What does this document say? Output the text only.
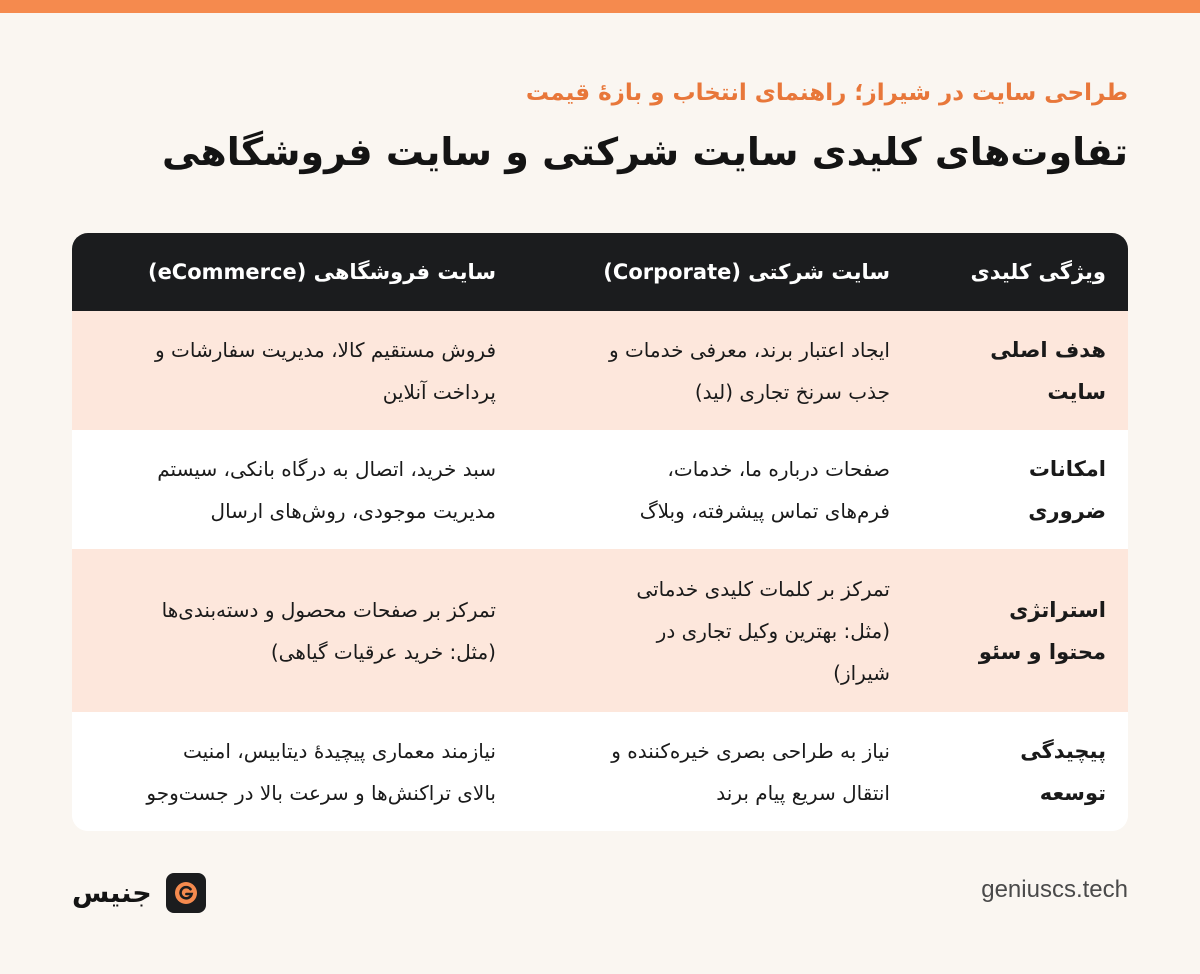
طراحی سایت در شیراز؛ راهنمای انتخاب و بازهٔ قیمت
تفاوت‌های کلیدی سایت شرکتی و سایت فروشگاهی
ویژگی کلیدی
سایت شرکتی (Corporate)
سایت فروشگاهی (eCommerce)
هدف اصلی
سایت
ایجاد اعتبار برند، معرفی خدمات و
جذب سرنخ تجاری (لید)
فروش مستقیم کالا، مدیریت سفارشات و
پرداخت آنلاین
امکانات
ضروری
صفحات درباره ما، خدمات،
فرم‌های تماس پیشرفته، وبلاگ
سبد خرید، اتصال به درگاه بانکی، سیستم
مدیریت موجودی، روش‌های ارسال
استراتژی
محتوا و سئو
تمرکز بر کلمات کلیدی خدماتی
(مثل: بهترین وکیل تجاری در
شیراز)
تمرکز بر صفحات محصول و دسته‌بندی‌ها
(مثل: خرید عرقیات گیاهی)
پیچیدگی
توسعه
نیاز به طراحی بصری خیره‌کننده و
انتقال سریع پیام برند
نیازمند معماری پیچیدهٔ دیتابیس، امنیت
بالای تراکنش‌ها و سرعت بالا در جست‌وجو
جنیس	geniuscs.tech
